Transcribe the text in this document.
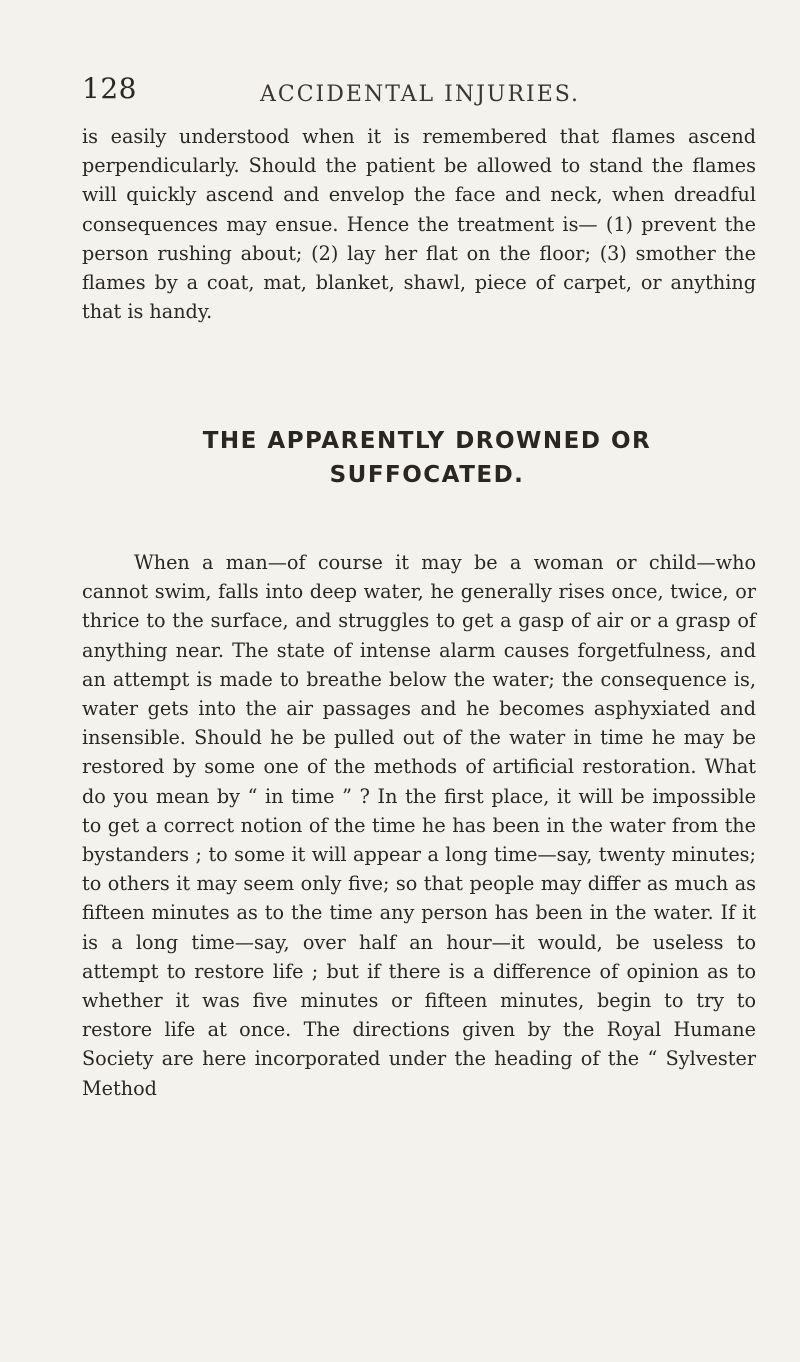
128	ACCIDENTAL INJURIES.

is easily understood when it is remembered that flames ascend perpendicularly. Should the patient be allowed to stand the flames will quickly ascend and envelop the face and neck, when dreadful consequences may ensue. Hence the treatment is— (1) prevent the person rushing about; (2) lay her flat on the floor; (3) smother the flames by a coat, mat, blanket, shawl, piece of carpet, or anything that is handy.

THE APPARENTLY DROWNED OR
SUFFOCATED.

When a man—of course it may be a woman or child—who cannot swim, falls into deep water, he generally rises once, twice, or thrice to the surface, and struggles to get a gasp of air or a grasp of anything near. The state of intense alarm causes forgetfulness, and an attempt is made to breathe below the water; the consequence is, water gets into the air passages and he becomes asphyxiated and insensible. Should he be pulled out of the water in time he may be restored by some one of the methods of artificial restoration. What do you mean by “ in time ” ? In the first place, it will be impossible to get a correct notion of the time he has been in the water from the bystanders ; to some it will appear a long time—say, twenty minutes; to others it may seem only five; so that people may differ as much as fifteen minutes as to the time any person has been in the water. If it is a long time—say, over half an hour—it would, be useless to attempt to restore life ; but if there is a difference of opinion as to whether it was five minutes or fifteen minutes, begin to try to restore life at once. The directions given by the Royal Humane Society are here incorporated under the heading of the “ Sylvester Method
